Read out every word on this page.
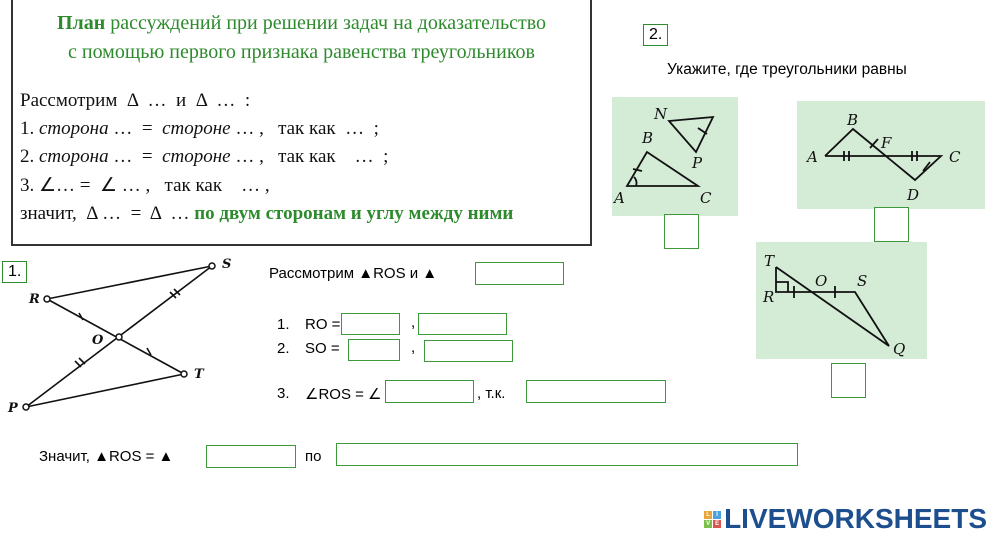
План рассуждений при решении задач на доказательство
с помощью первого признака равенства треугольников
Рассмотрим  Δ  …  и  Δ  …  :
1. сторона …  =  стороне … ,   так как  …  ;
2. сторона …  =  стороне … ,   так как    …  ;
3. ∠… =  ∠ … ,   так как    … ,
значит,  Δ …  =  Δ  … по двум сторонам и углу между ними
1.
R
S
O
T
P
Рассмотрим ▲ROS и ▲
1. RO =	,
2. SO =	,
3. ∠ROS = ∠	, т.к.
Значит, ▲ROS = ▲	по
2.
Укажите, где треугольники равны
N
B
P
A	C
B
F
A	C
D
T
O S
R
Q
L	I
V E LIVEWORKSHEETS
